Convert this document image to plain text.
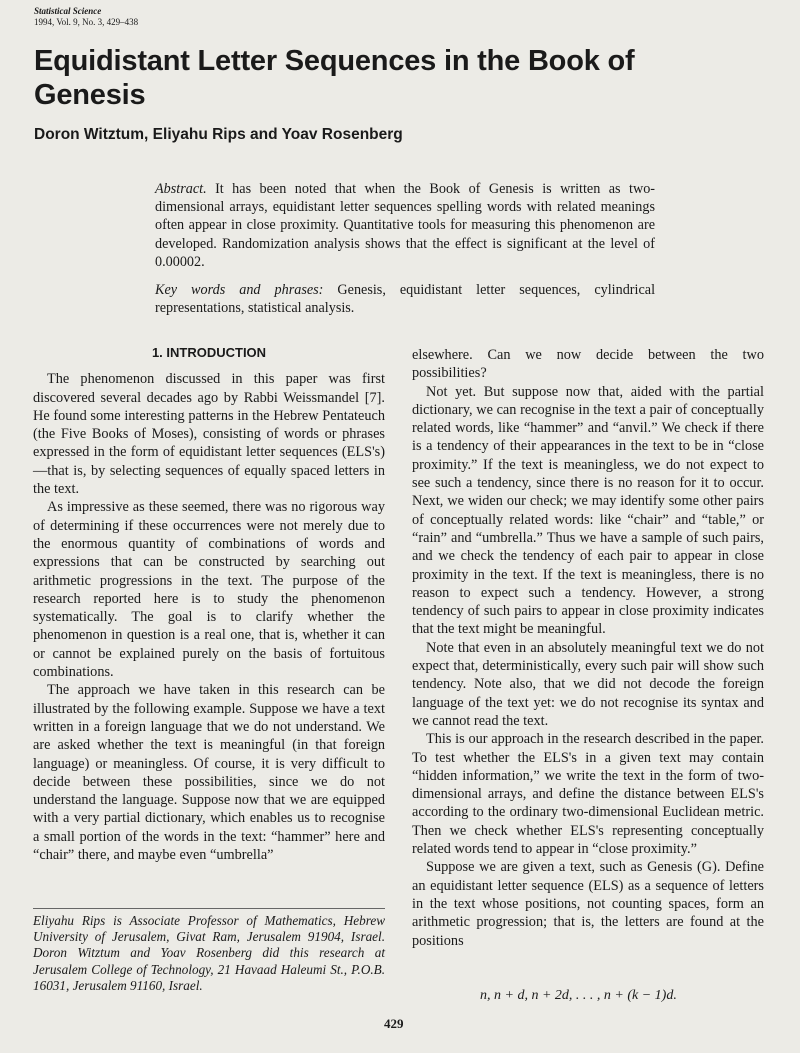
Statistical Science
1994, Vol. 9, No. 3, 429–438
Equidistant Letter Sequences in the Book of Genesis
Doron Witztum, Eliyahu Rips and Yoav Rosenberg

Abstract. It has been noted that when the Book of Genesis is written as two-dimensional arrays, equidistant letter sequences spelling words with related meanings often appear in close proximity. Quantitative tools for measuring this phenomenon are developed. Randomization analysis shows that the effect is significant at the level of 0.00002.

Key words and phrases: Genesis, equidistant letter sequences, cylindrical representations, statistical analysis.

1. INTRODUCTION

The phenomenon discussed in this paper was first discovered several decades ago by Rabbi Weissmandel [7]. He found some interesting patterns in the Hebrew Pentateuch (the Five Books of Moses), consisting of words or phrases expressed in the form of equidistant letter sequences (ELS's)—that is, by selecting sequences of equally spaced letters in the text.

As impressive as these seemed, there was no rigorous way of determining if these occurrences were not merely due to the enormous quantity of combinations of words and expressions that can be constructed by searching out arithmetic progressions in the text. The purpose of the research reported here is to study the phenomenon systematically. The goal is to clarify whether the phenomenon in question is a real one, that is, whether it can or cannot be explained purely on the basis of fortuitous combinations.

The approach we have taken in this research can be illustrated by the following example. Suppose we have a text written in a foreign language that we do not understand. We are asked whether the text is meaningful (in that foreign language) or meaningless. Of course, it is very difficult to decide between these possibilities, since we do not understand the language. Suppose now that we are equipped with a very partial dictionary, which enables us to recognise a small portion of the words in the text: “hammer” here and “chair” there, and maybe even “umbrella”

elsewhere. Can we now decide between the two possibilities?

Not yet. But suppose now that, aided with the partial dictionary, we can recognise in the text a pair of conceptually related words, like “hammer” and “anvil.” We check if there is a tendency of their appearances in the text to be in “close proximity.” If the text is meaningless, we do not expect to see such a tendency, since there is no reason for it to occur. Next, we widen our check; we may identify some other pairs of conceptually related words: like “chair” and “table,” or “rain” and “umbrella.” Thus we have a sample of such pairs, and we check the tendency of each pair to appear in close proximity in the text. If the text is meaningless, there is no reason to expect such a tendency. However, a strong tendency of such pairs to appear in close proximity indicates that the text might be meaningful.

Note that even in an absolutely meaningful text we do not expect that, deterministically, every such pair will show such tendency. Note also, that we did not decode the foreign language of the text yet: we do not recognise its syntax and we cannot read the text.

This is our approach in the research described in the paper. To test whether the ELS's in a given text may contain “hidden information,” we write the text in the form of two-dimensional arrays, and define the distance between ELS's according to the ordinary two-dimensional Euclidean metric. Then we check whether ELS's representing conceptually related words tend to appear in “close proximity.”

Suppose we are given a text, such as Genesis (G). Define an equidistant letter sequence (ELS) as a sequence of letters in the text whose positions, not counting spaces, form an arithmetic progression; that is, the letters are found at the positions

n, n + d, n + 2d, . . . , n + (k − 1)d.
Eliyahu Rips is Associate Professor of Mathematics, Hebrew University of Jerusalem, Givat Ram, Jerusalem 91904, Israel. Doron Witztum and Yoav Rosenberg did this research at Jerusalem College of Technology, 21 Havaad Haleumi St., P.O.B. 16031, Jerusalem 91160, Israel.
429
